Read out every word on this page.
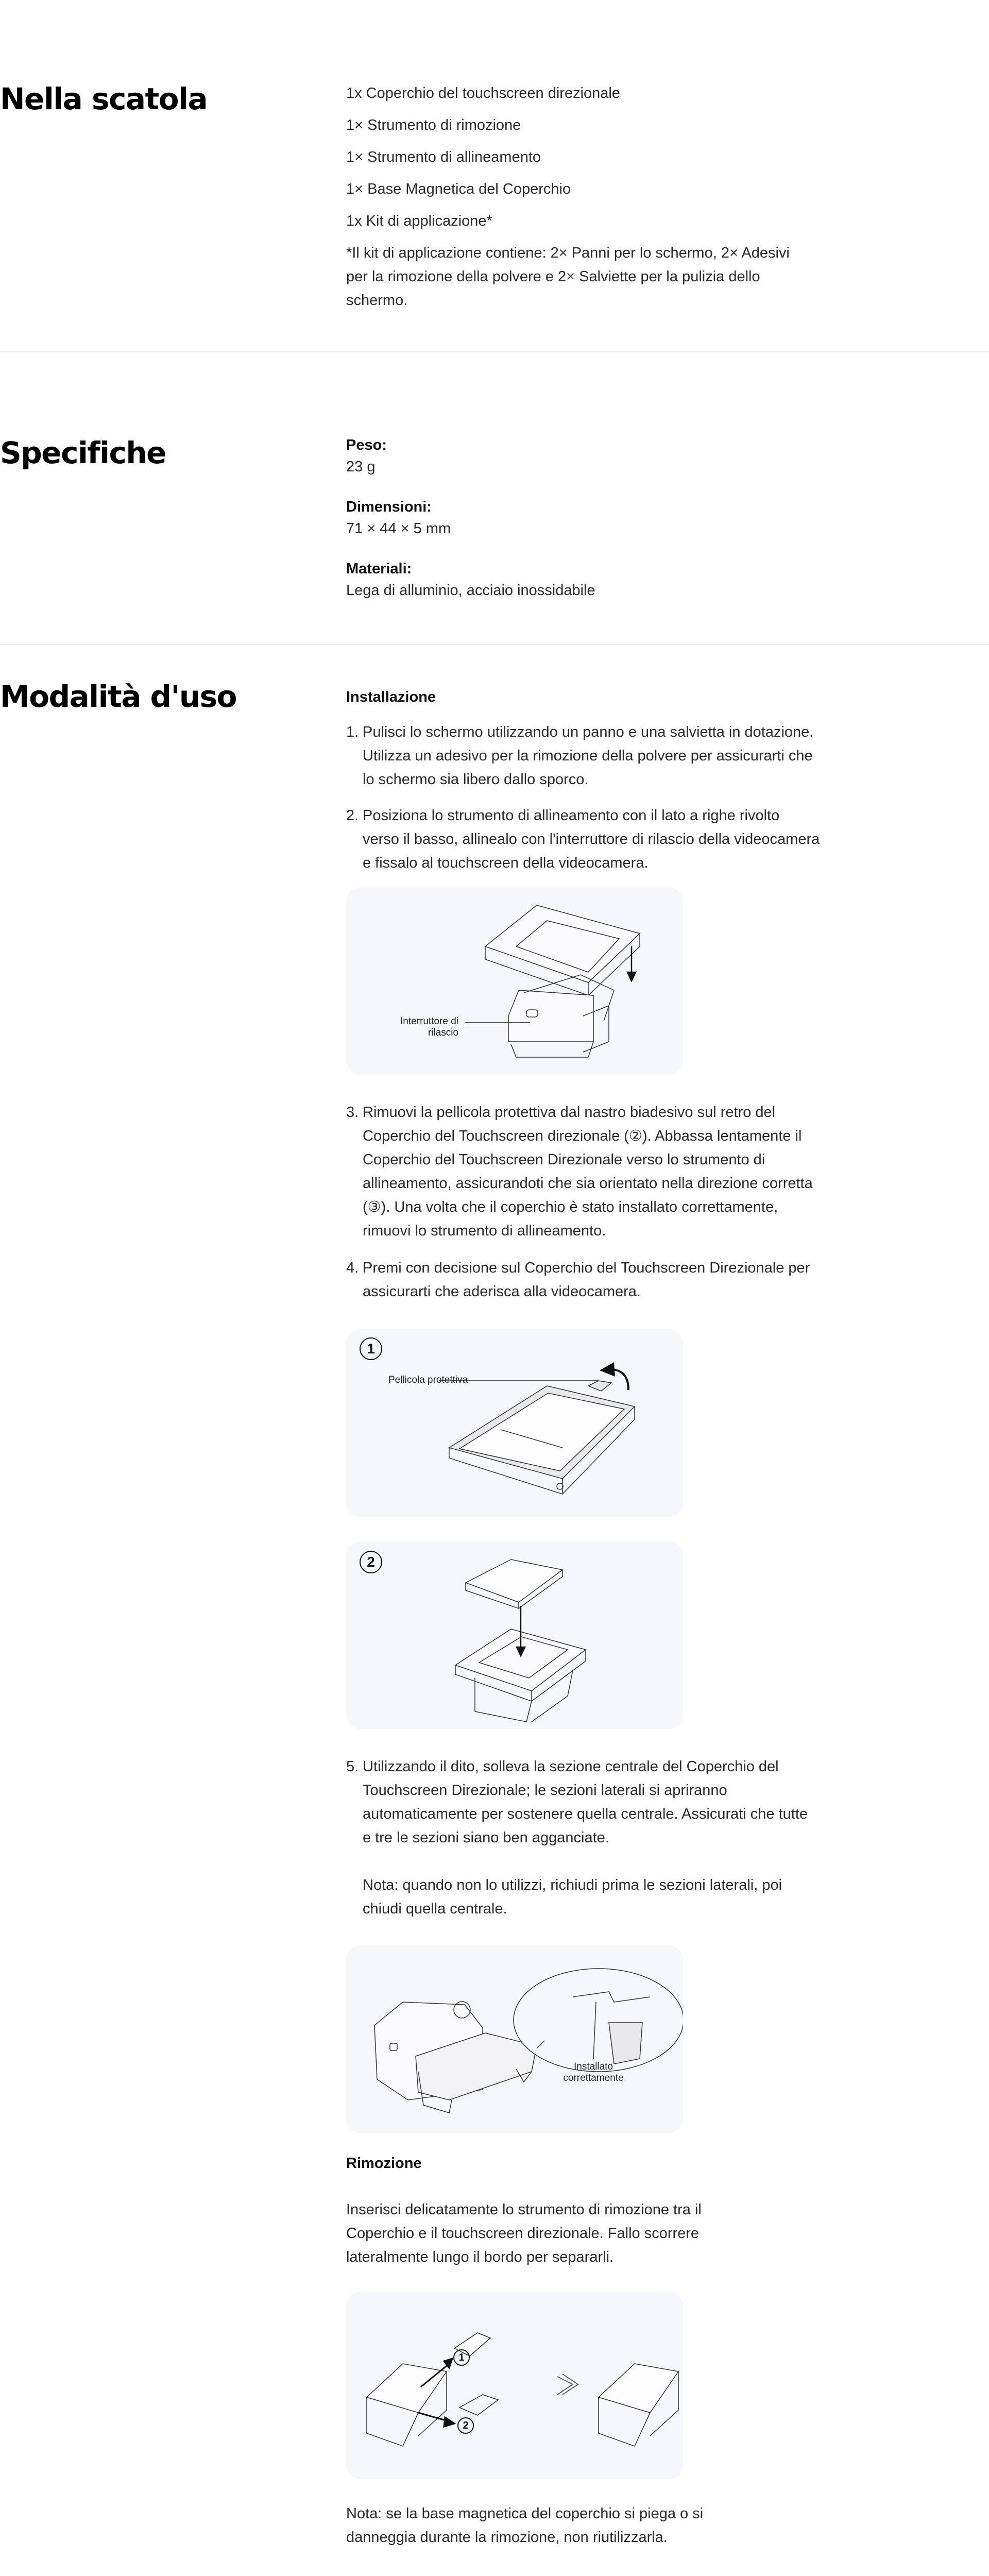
Nella scatola	1x Coperchio del touchscreen direzionale
1× Strumento di rimozione
1× Strumento di allineamento
1× Base Magnetica del Coperchio
1x Kit di applicazione*
*Il kit di applicazione contiene: 2× Panni per lo schermo, 2× Adesivi per la rimozione della polvere e 2× Salviette per la pulizia dello schermo.
Specifiche	Peso:
23 g
Dimensioni:
71 × 44 × 5 mm
Materiali:
Lega di alluminio, acciaio inossidabile
Modalità d'uso	Installazione
1. Pulisci lo schermo utilizzando un panno e una salvietta in dotazione. Utilizza un adesivo per la rimozione della polvere per assicurarti che lo schermo sia libero dallo sporco.
2. Posiziona lo strumento di allineamento con il lato a righe rivolto verso il basso, allinealo con l'interruttore di rilascio della videocamera e fissalo al touchscreen della videocamera.
Interruttore di rilascio
3. Rimuovi la pellicola protettiva dal nastro biadesivo sul retro del Coperchio del Touchscreen direzionale (②). Abbassa lentamente il Coperchio del Touchscreen Direzionale verso lo strumento di allineamento, assicurandoti che sia orientato nella direzione corretta (③). Una volta che il coperchio è stato installato correttamente, rimuovi lo strumento di allineamento.
4. Premi con decisione sul Coperchio del Touchscreen Direzionale per assicurarti che aderisca alla videocamera.
1
Pellicola protettiva
2
5. Utilizzando il dito, solleva la sezione centrale del Coperchio del Touchscreen Direzionale; le sezioni laterali si apriranno automaticamente per sostenere quella centrale. Assicurati che tutte e tre le sezioni siano ben agganciate.
Nota: quando non lo utilizzi, richiudi prima le sezioni laterali, poi chiudi quella centrale.
Installato correttamente
Rimozione
Inserisci delicatamente lo strumento di rimozione tra il Coperchio e il touchscreen direzionale. Fallo scorrere lateralmente lungo il bordo per separarli.
1
2
Nota: se la base magnetica del coperchio si piega o si danneggia durante la rimozione, non riutilizzarla.
